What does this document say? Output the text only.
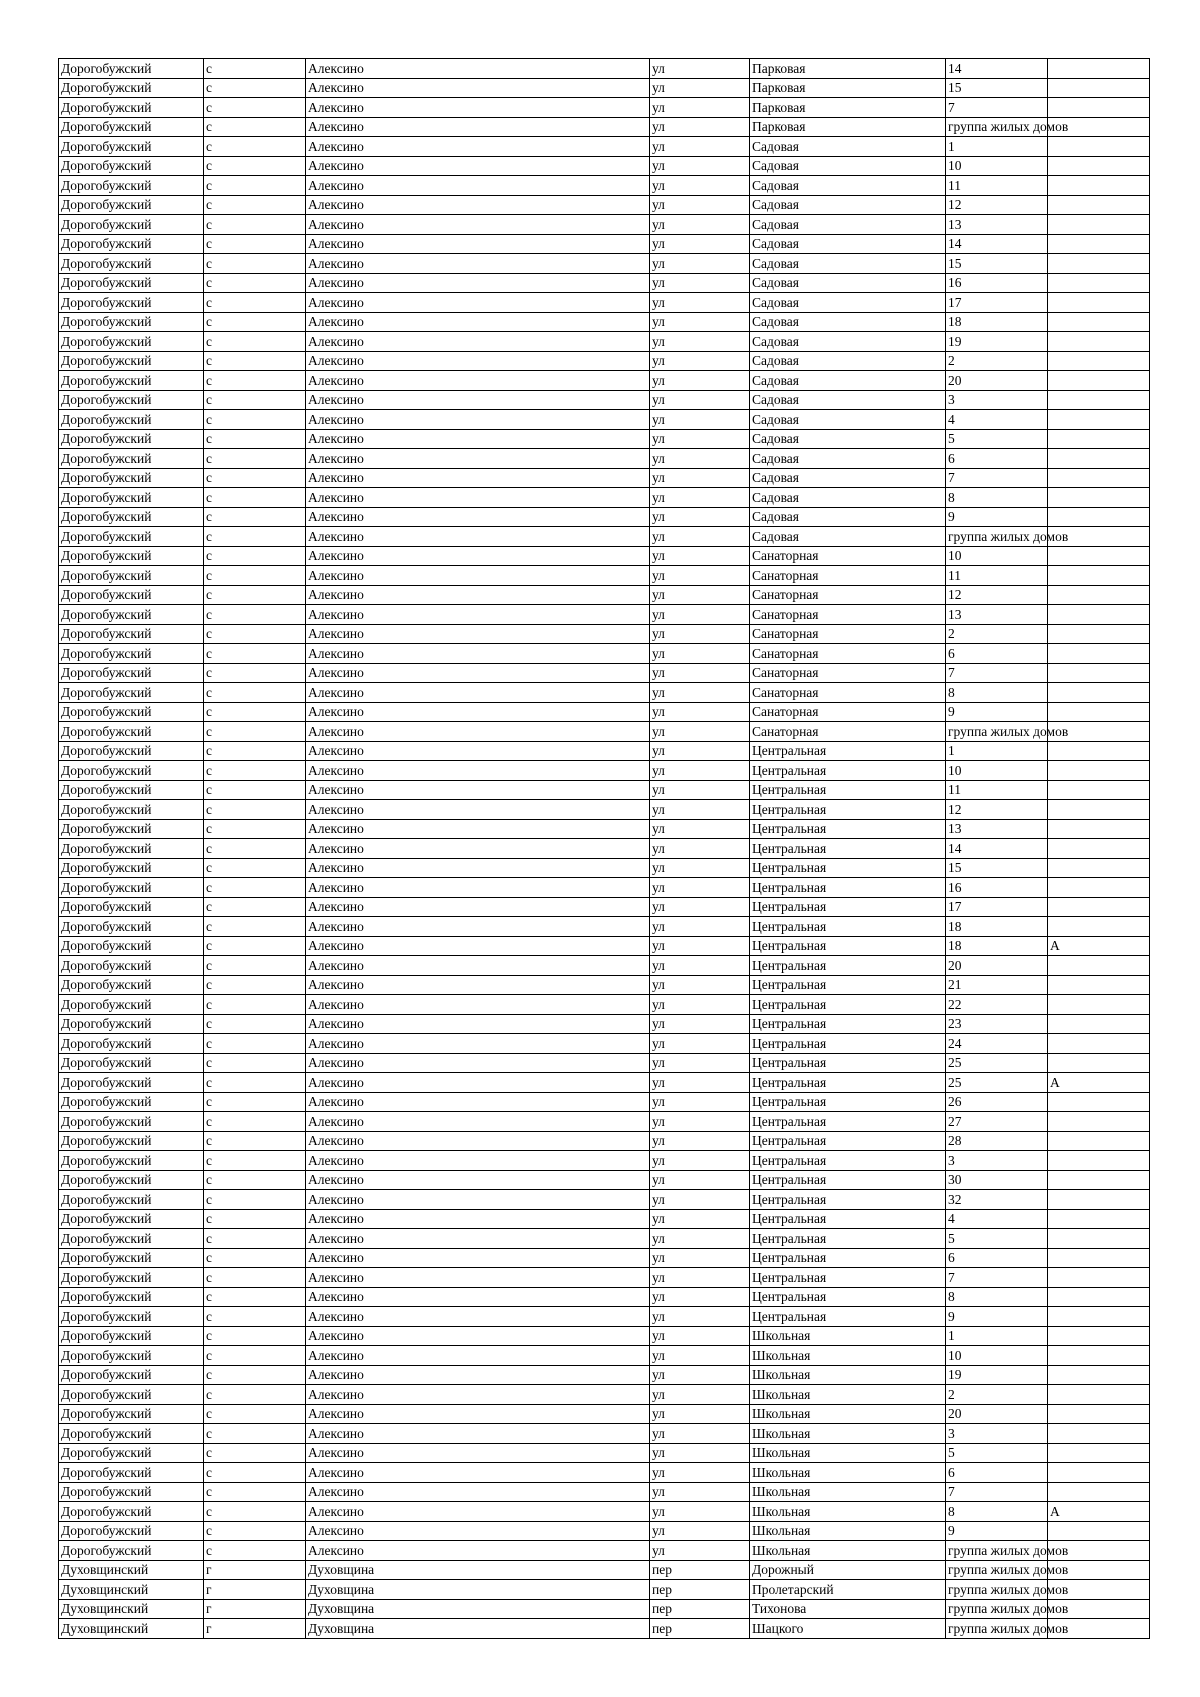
Дорогобужский	с	Алексино	ул	Парковая	14	
Дорогобужский	с	Алексино	ул	Парковая	15	
Дорогобужский	с	Алексино	ул	Парковая	7	
Дорогобужский	с	Алексино	ул	Парковая	группа жилых домов	
Дорогобужский	с	Алексино	ул	Садовая	1	
Дорогобужский	с	Алексино	ул	Садовая	10	
Дорогобужский	с	Алексино	ул	Садовая	11	
Дорогобужский	с	Алексино	ул	Садовая	12	
Дорогобужский	с	Алексино	ул	Садовая	13	
Дорогобужский	с	Алексино	ул	Садовая	14	
Дорогобужский	с	Алексино	ул	Садовая	15	
Дорогобужский	с	Алексино	ул	Садовая	16	
Дорогобужский	с	Алексино	ул	Садовая	17	
Дорогобужский	с	Алексино	ул	Садовая	18	
Дорогобужский	с	Алексино	ул	Садовая	19	
Дорогобужский	с	Алексино	ул	Садовая	2	
Дорогобужский	с	Алексино	ул	Садовая	20	
Дорогобужский	с	Алексино	ул	Садовая	3	
Дорогобужский	с	Алексино	ул	Садовая	4	
Дорогобужский	с	Алексино	ул	Садовая	5	
Дорогобужский	с	Алексино	ул	Садовая	6	
Дорогобужский	с	Алексино	ул	Садовая	7	
Дорогобужский	с	Алексино	ул	Садовая	8	
Дорогобужский	с	Алексино	ул	Садовая	9	
Дорогобужский	с	Алексино	ул	Садовая	группа жилых домов	
Дорогобужский	с	Алексино	ул	Санаторная	10	
Дорогобужский	с	Алексино	ул	Санаторная	11	
Дорогобужский	с	Алексино	ул	Санаторная	12	
Дорогобужский	с	Алексино	ул	Санаторная	13	
Дорогобужский	с	Алексино	ул	Санаторная	2	
Дорогобужский	с	Алексино	ул	Санаторная	6	
Дорогобужский	с	Алексино	ул	Санаторная	7	
Дорогобужский	с	Алексино	ул	Санаторная	8	
Дорогобужский	с	Алексино	ул	Санаторная	9	
Дорогобужский	с	Алексино	ул	Санаторная	группа жилых домов	
Дорогобужский	с	Алексино	ул	Центральная	1	
Дорогобужский	с	Алексино	ул	Центральная	10	
Дорогобужский	с	Алексино	ул	Центральная	11	
Дорогобужский	с	Алексино	ул	Центральная	12	
Дорогобужский	с	Алексино	ул	Центральная	13	
Дорогобужский	с	Алексино	ул	Центральная	14	
Дорогобужский	с	Алексино	ул	Центральная	15	
Дорогобужский	с	Алексино	ул	Центральная	16	
Дорогобужский	с	Алексино	ул	Центральная	17	
Дорогобужский	с	Алексино	ул	Центральная	18	
Дорогобужский	с	Алексино	ул	Центральная	18	А
Дорогобужский	с	Алексино	ул	Центральная	20	
Дорогобужский	с	Алексино	ул	Центральная	21	
Дорогобужский	с	Алексино	ул	Центральная	22	
Дорогобужский	с	Алексино	ул	Центральная	23	
Дорогобужский	с	Алексино	ул	Центральная	24	
Дорогобужский	с	Алексино	ул	Центральная	25	
Дорогобужский	с	Алексино	ул	Центральная	25	А
Дорогобужский	с	Алексино	ул	Центральная	26	
Дорогобужский	с	Алексино	ул	Центральная	27	
Дорогобужский	с	Алексино	ул	Центральная	28	
Дорогобужский	с	Алексино	ул	Центральная	3	
Дорогобужский	с	Алексино	ул	Центральная	30	
Дорогобужский	с	Алексино	ул	Центральная	32	
Дорогобужский	с	Алексино	ул	Центральная	4	
Дорогобужский	с	Алексино	ул	Центральная	5	
Дорогобужский	с	Алексино	ул	Центральная	6	
Дорогобужский	с	Алексино	ул	Центральная	7	
Дорогобужский	с	Алексино	ул	Центральная	8	
Дорогобужский	с	Алексино	ул	Центральная	9	
Дорогобужский	с	Алексино	ул	Школьная	1	
Дорогобужский	с	Алексино	ул	Школьная	10	
Дорогобужский	с	Алексино	ул	Школьная	19	
Дорогобужский	с	Алексино	ул	Школьная	2	
Дорогобужский	с	Алексино	ул	Школьная	20	
Дорогобужский	с	Алексино	ул	Школьная	3	
Дорогобужский	с	Алексино	ул	Школьная	5	
Дорогобужский	с	Алексино	ул	Школьная	6	
Дорогобужский	с	Алексино	ул	Школьная	7	
Дорогобужский	с	Алексино	ул	Школьная	8	А
Дорогобужский	с	Алексино	ул	Школьная	9	
Дорогобужский	с	Алексино	ул	Школьная	группа жилых домов	
Духовщинский	г	Духовщина	пер	Дорожный	группа жилых домов	
Духовщинский	г	Духовщина	пер	Пролетарский	группа жилых домов	
Духовщинский	г	Духовщина	пер	Тихонова	группа жилых домов	
Духовщинский	г	Духовщина	пер	Шацкого	группа жилых домов	
